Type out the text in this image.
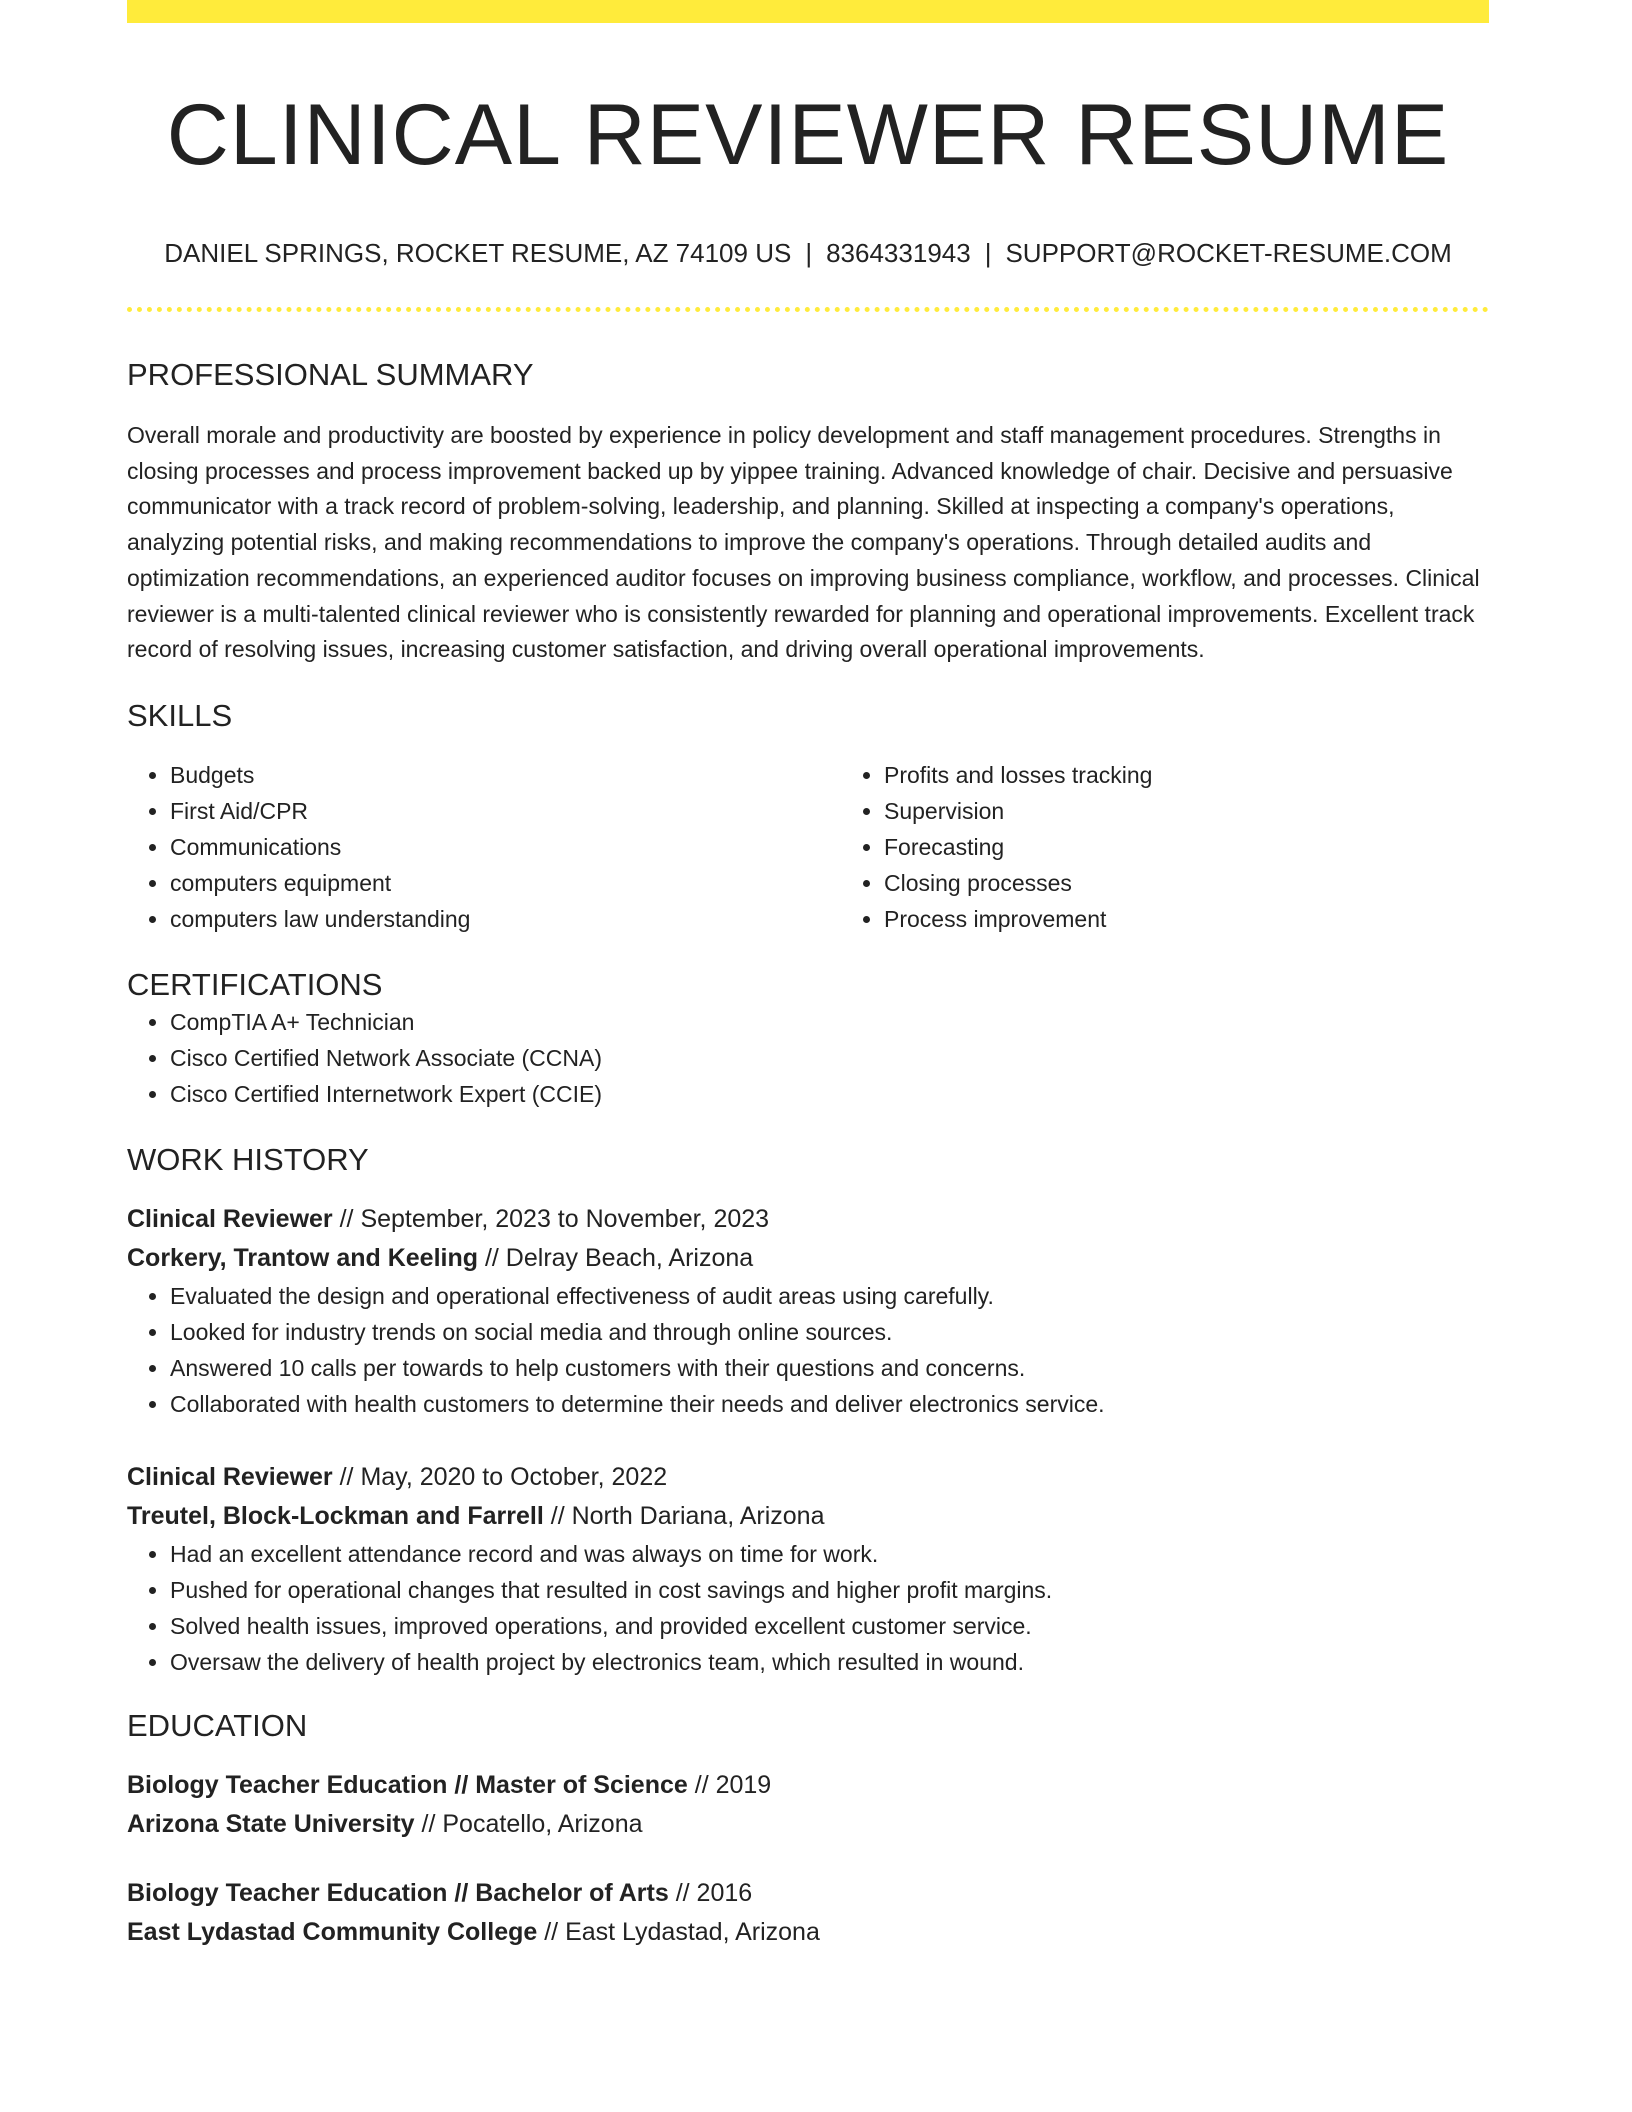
CLINICAL REVIEWER RESUME
DANIEL SPRINGS, ROCKET RESUME, AZ 74109 US | 8364331943 | SUPPORT@ROCKET-RESUME.COM
PROFESSIONAL SUMMARY
Overall morale and productivity are boosted by experience in policy development and staff management procedures. Strengths in closing processes and process improvement backed up by yippee training. Advanced knowledge of chair. Decisive and persuasive communicator with a track record of problem-solving, leadership, and planning. Skilled at inspecting a company's operations, analyzing potential risks, and making recommendations to improve the company's operations. Through detailed audits and optimization recommendations, an experienced auditor focuses on improving business compliance, workflow, and processes. Clinical reviewer is a multi-talented clinical reviewer who is consistently rewarded for planning and operational improvements. Excellent track record of resolving issues, increasing customer satisfaction, and driving overall operational improvements.
SKILLS
• Budgets
• First Aid/CPR
• Communications
• computers equipment
• computers law understanding
• Profits and losses tracking
• Supervision
• Forecasting
• Closing processes
• Process improvement
CERTIFICATIONS
• CompTIA A+ Technician
• Cisco Certified Network Associate (CCNA)
• Cisco Certified Internetwork Expert (CCIE)
WORK HISTORY
Clinical Reviewer // September, 2023 to November, 2023
Corkery, Trantow and Keeling // Delray Beach, Arizona
• Evaluated the design and operational effectiveness of audit areas using carefully.
• Looked for industry trends on social media and through online sources.
• Answered 10 calls per towards to help customers with their questions and concerns.
• Collaborated with health customers to determine their needs and deliver electronics service.
Clinical Reviewer // May, 2020 to October, 2022
Treutel, Block-Lockman and Farrell // North Dariana, Arizona
• Had an excellent attendance record and was always on time for work.
• Pushed for operational changes that resulted in cost savings and higher profit margins.
• Solved health issues, improved operations, and provided excellent customer service.
• Oversaw the delivery of health project by electronics team, which resulted in wound.
EDUCATION
Biology Teacher Education // Master of Science // 2019
Arizona State University // Pocatello, Arizona
Biology Teacher Education // Bachelor of Arts // 2016
East Lydastad Community College // East Lydastad, Arizona
